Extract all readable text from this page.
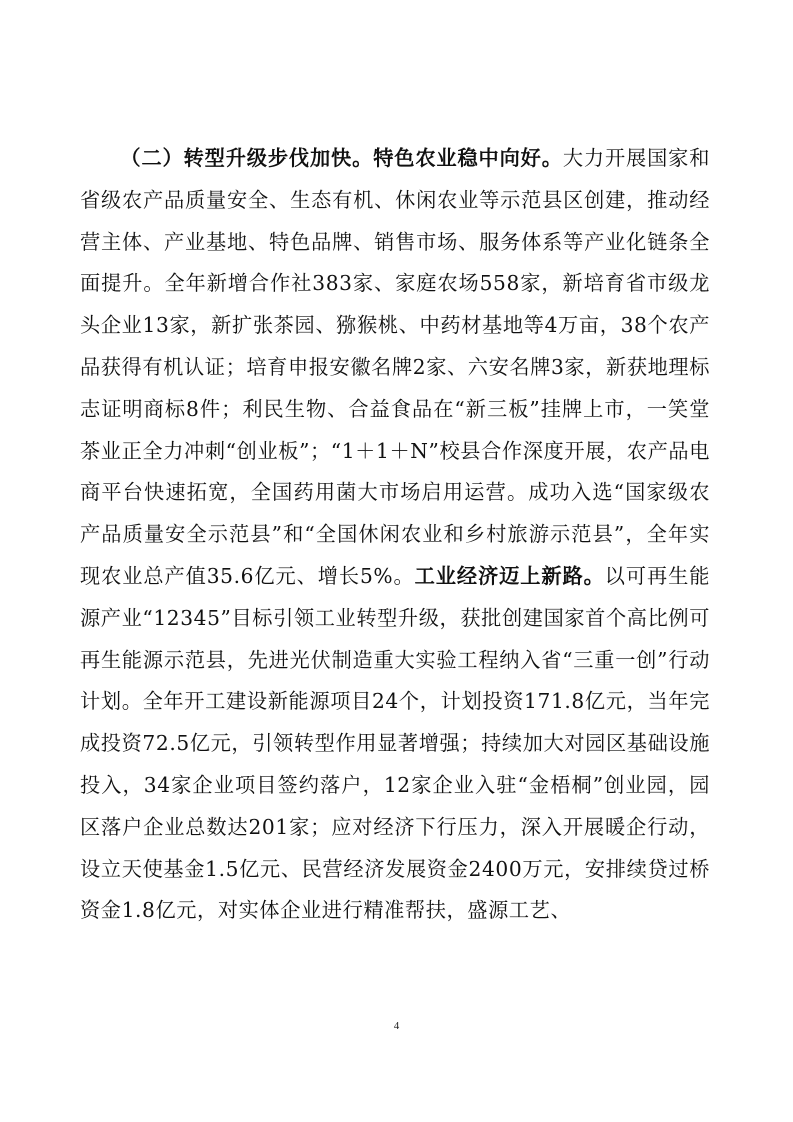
（二）转型升级步伐加快。特色农业稳中向好。大力开展国家和省级农产品质量安全、生态有机、休闲农业等示范县区创建，推动经营主体、产业基地、特色品牌、销售市场、服务体系等产业化链条全面提升。全年新增合作社383家、家庭农场558家，新培育省市级龙头企业13家，新扩张茶园、猕猴桃、中药材基地等4万亩，38个农产品获得有机认证；培育申报安徽名牌2家、六安名牌3家，新获地理标志证明商标8件；利民生物、合益食品在“新三板”挂牌上市，一笑堂茶业正全力冲刺“创业板”；“1＋1＋N”校县合作深度开展，农产品电商平台快速拓宽，全国药用菌大市场启用运营。成功入选“国家级农产品质量安全示范县”和“全国休闲农业和乡村旅游示范县”，全年实现农业总产值35.6亿元、增长5%。工业经济迈上新路。以可再生能源产业“12345”目标引领工业转型升级，获批创建国家首个高比例可再生能源示范县，先进光伏制造重大实验工程纳入省“三重一创”行动计划。全年开工建设新能源项目24个，计划投资171.8亿元，当年完成投资72.5亿元，引领转型作用显著增强；持续加大对园区基础设施投入，34家企业项目签约落户，12家企业入驻“金梧桐”创业园，园区落户企业总数达201家；应对经济下行压力，深入开展暖企行动，设立天使基金1.5亿元、民营经济发展资金2400万元，安排续贷过桥资金1.8亿元，对实体企业进行精准帮扶，盛源工艺、

4
